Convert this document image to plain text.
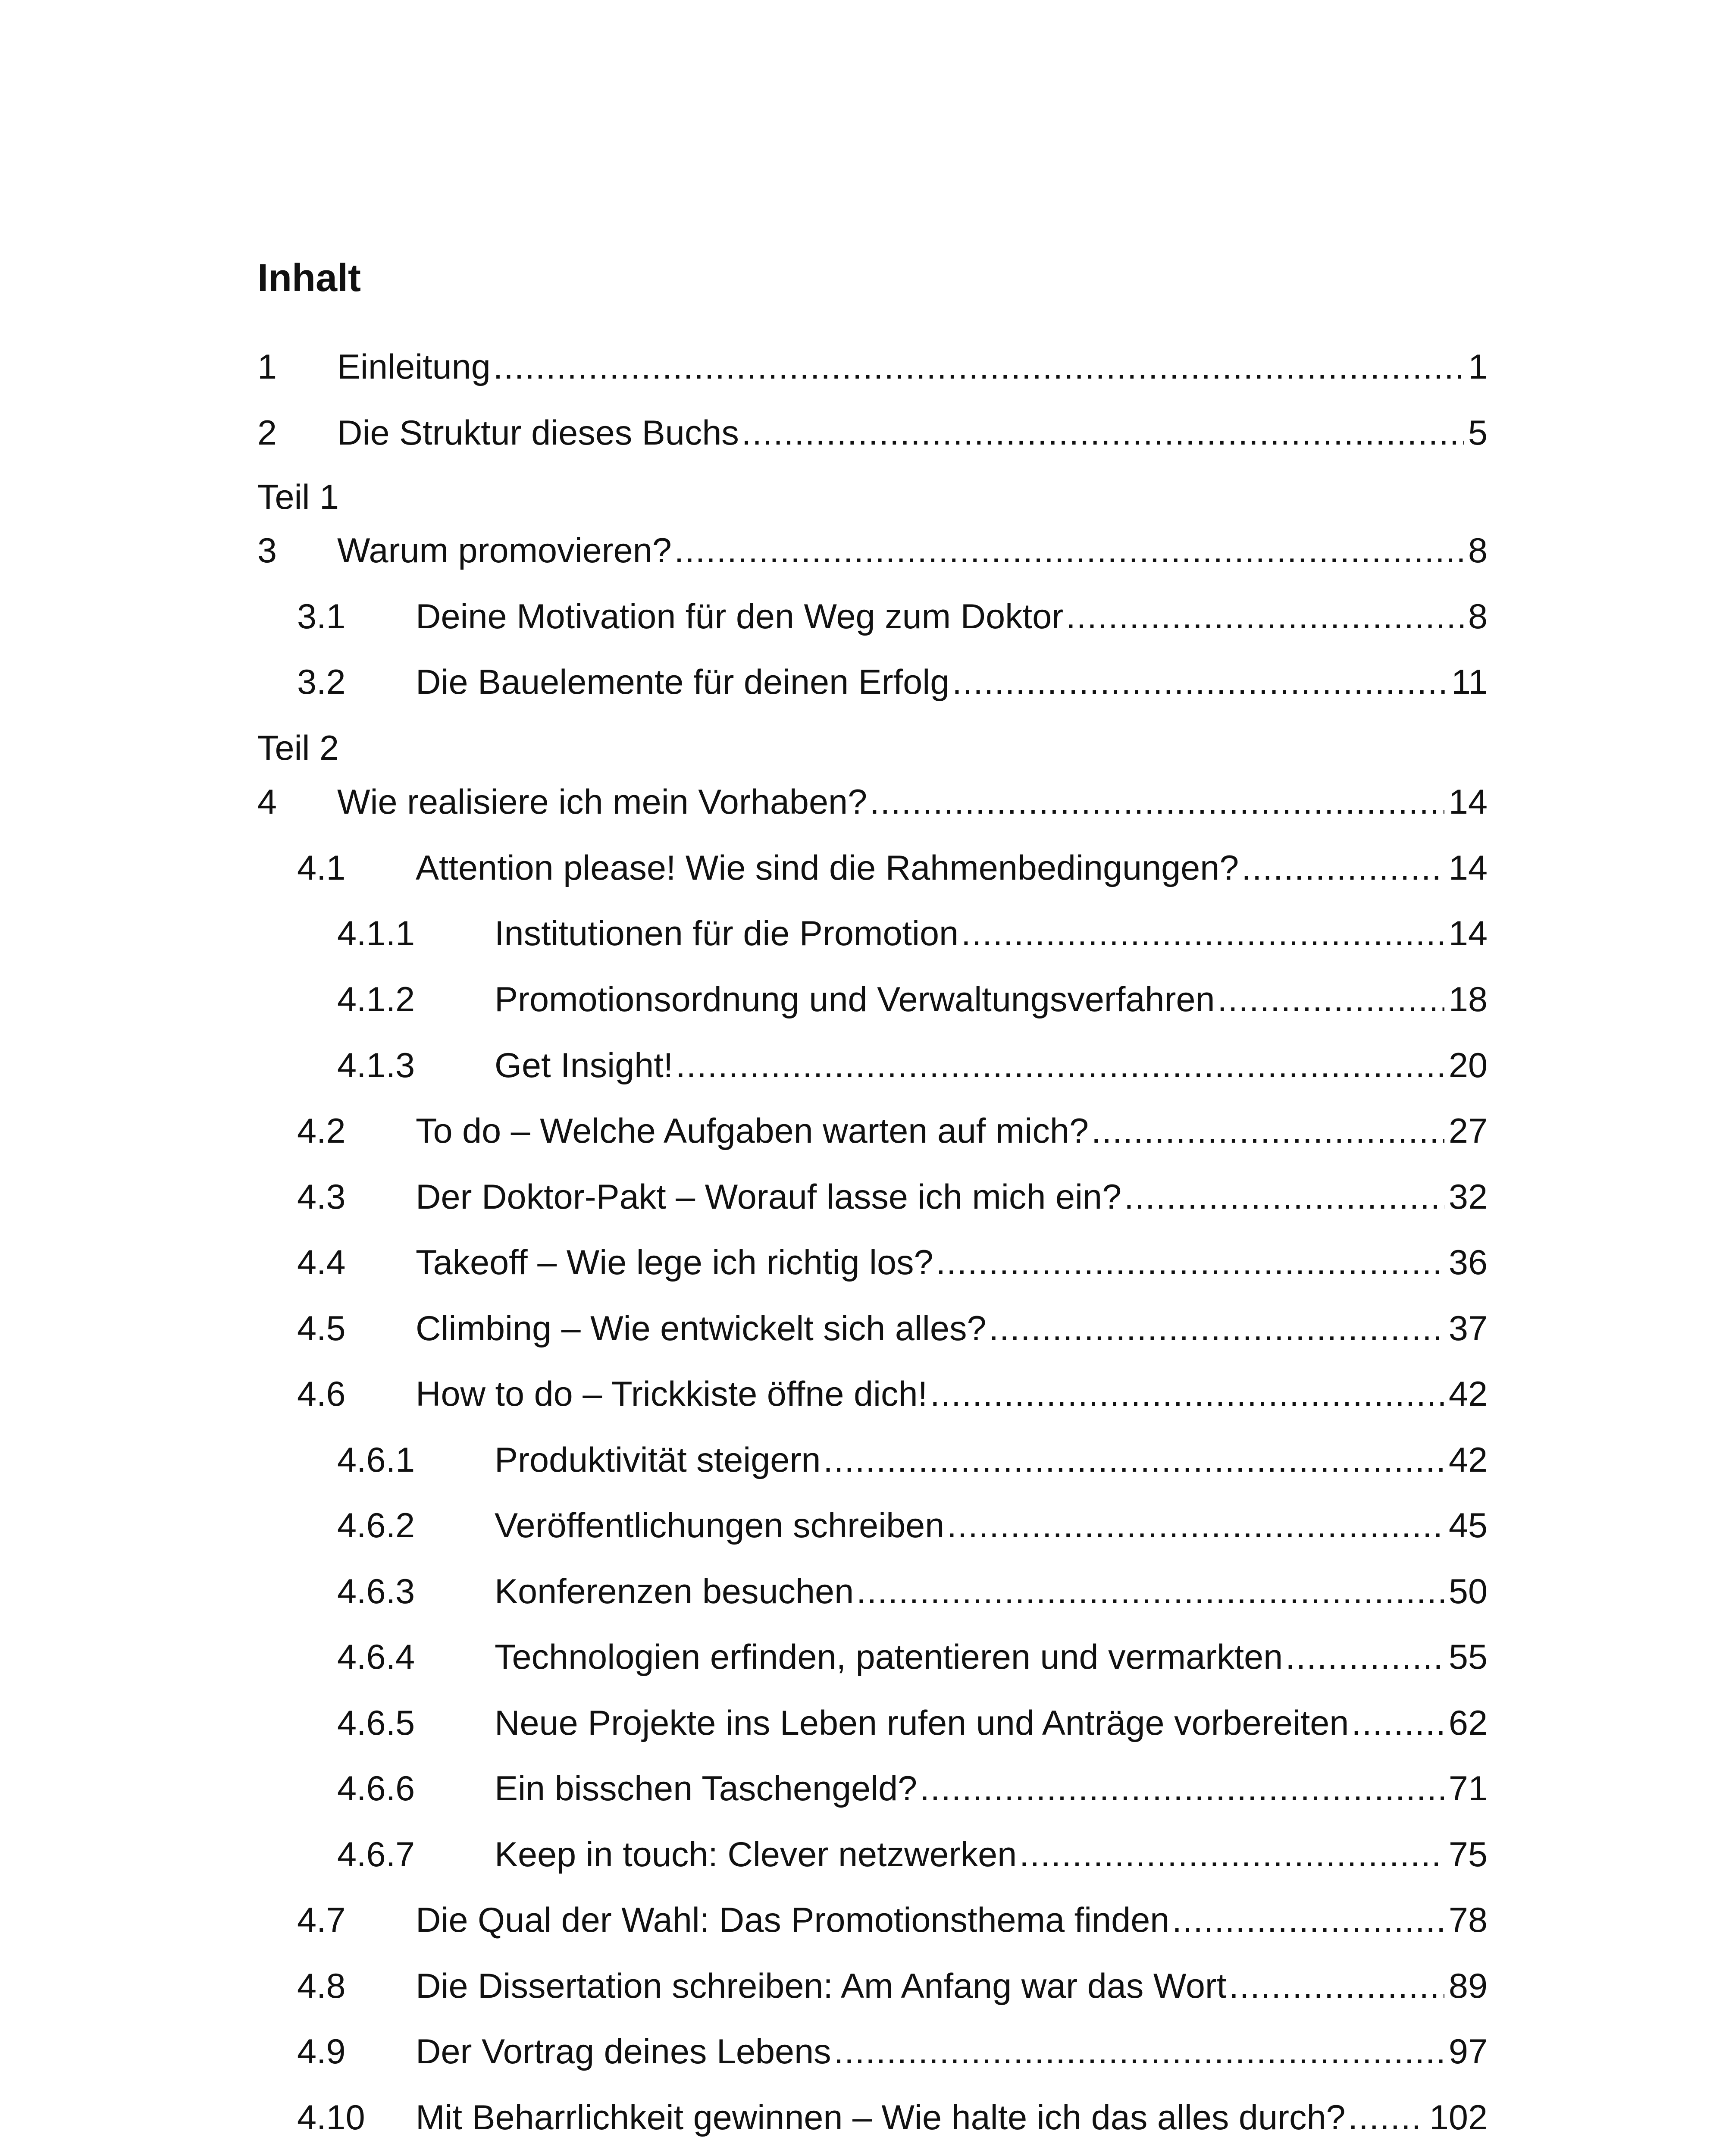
Inhalt
Teil 1
Teil 2
1 Einleitung .....	1
2 Die Struktur dieses Buchs .....	5
3 Warum promovieren? .....	8
3.1 Deine Motivation für den Weg zum Doktor .....	8
3.2 Die Bauelemente für deinen Erfolg .....	11
4 Wie realisiere ich mein Vorhaben? .....	14
4.1 Attention please! Wie sind die Rahmenbedingungen? .....	14
4.1.1 Institutionen für die Promotion .....	14
4.1.2 Promotionsordnung und Verwaltungsverfahren .....	18
4.1.3 Get Insight! .....	20
4.2 To do – Welche Aufgaben warten auf mich? .....	27
4.3 Der Doktor-Pakt – Worauf lasse ich mich ein? .....	32
4.4 Takeoff – Wie lege ich richtig los? .....	36
4.5 Climbing – Wie entwickelt sich alles? .....	37
4.6 How to do – Trickkiste öffne dich! .....	42
4.6.1 Produktivität steigern .....	42
4.6.2 Veröffentlichungen schreiben .....	45
4.6.3 Konferenzen besuchen .....	50
4.6.4 Technologien erfinden, patentieren und vermarkten .....	55
4.6.5 Neue Projekte ins Leben rufen und Anträge vorbereiten .....	62
4.6.6 Ein bisschen Taschengeld? .....	71
4.6.7 Keep in touch: Clever netzwerken .....	75
4.7 Die Qual der Wahl: Das Promotionsthema finden .....	78
4.8 Die Dissertation schreiben: Am Anfang war das Wort .....	89
4.9 Der Vortrag deines Lebens .....	97
4.10 Mit Beharrlichkeit gewinnen – Wie halte ich das alles durch? ..... 102
